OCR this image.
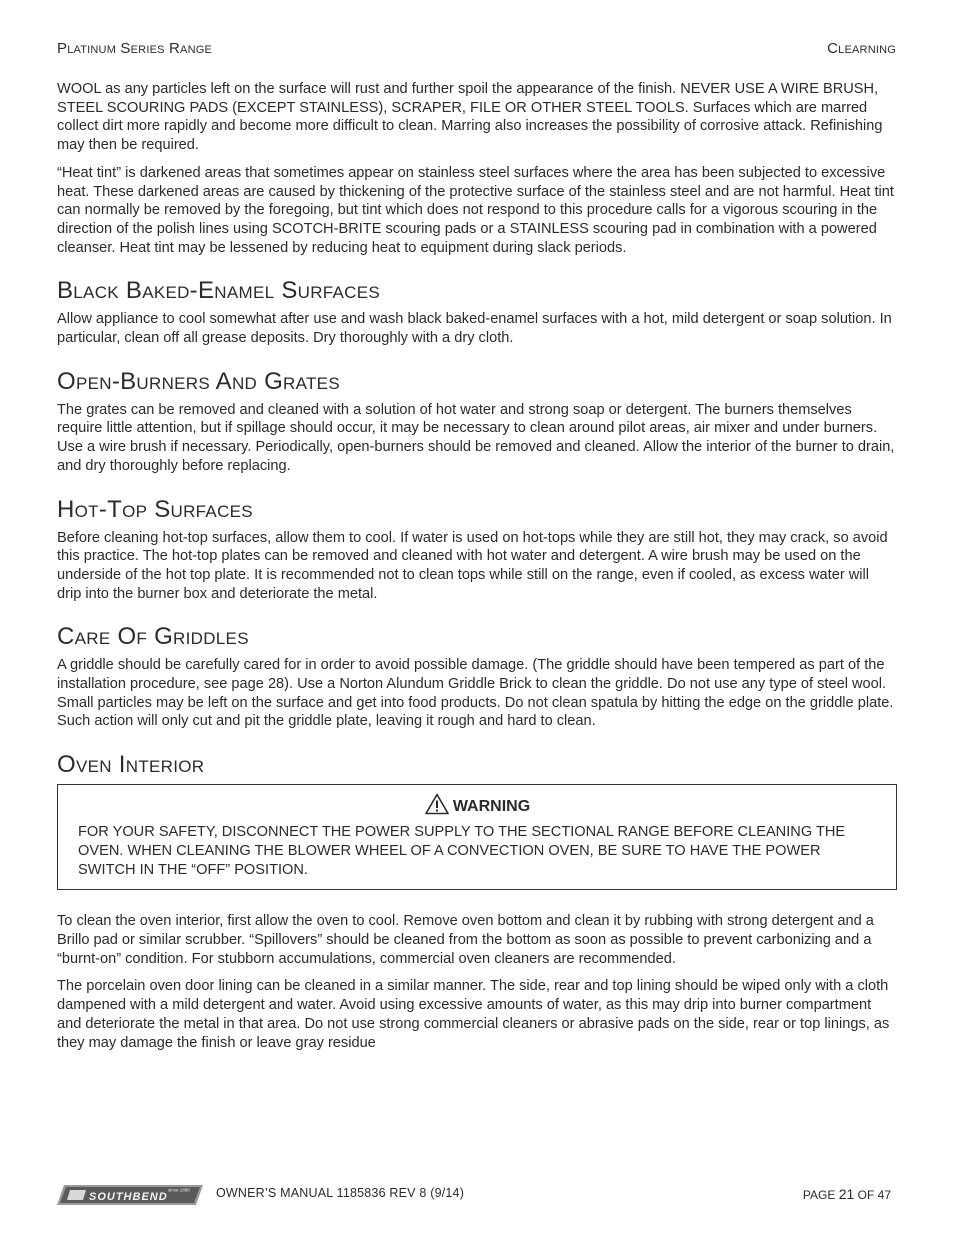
Platinum Series Range	Clearning

WOOL as any particles left on the surface will rust and further spoil the appearance of the finish. NEVER USE A WIRE BRUSH, STEEL SCOURING PADS (EXCEPT STAINLESS), SCRAPER, FILE OR OTHER STEEL TOOLS. Surfaces which are marred collect dirt more rapidly and become more difficult to clean. Marring also increases the possibility of corrosive attack. Refinishing may then be required.

“Heat tint” is darkened areas that sometimes appear on stainless steel surfaces where the area has been subjected to excessive heat. These darkened areas are caused by thickening of the protective surface of the stainless steel and are not harmful. Heat tint can normally be removed by the foregoing, but tint which does not respond to this procedure calls for a vigorous scouring in the direction of the polish lines using SCOTCH-BRITE scouring pads or a STAINLESS scouring pad in combination with a powered cleanser. Heat tint may be lessened by reducing heat to equipment during slack periods.

Black Baked-Enamel Surfaces

Allow appliance to cool somewhat after use and wash black baked-enamel surfaces with a hot, mild detergent or soap solution. In particular, clean off all grease deposits. Dry thoroughly with a dry cloth.

Open-Burners And Grates

The grates can be removed and cleaned with a solution of hot water and strong soap or detergent. The burners themselves require little attention, but if spillage should occur, it may be necessary to clean around pilot areas, air mixer and under burners. Use a wire brush if necessary. Periodically, open-burners should be removed and cleaned. Allow the interior of the burner to drain, and dry thoroughly before replacing.

Hot-Top Surfaces

Before cleaning hot-top surfaces, allow them to cool. If water is used on hot-tops while they are still hot, they may crack, so avoid this practice. The hot-top plates can be removed and cleaned with hot water and detergent. A wire brush may be used on the underside of the hot top plate. It is recommended not to clean tops while still on the range, even if cooled, as excess water will drip into the burner box and deteriorate the metal.

Care Of Griddles

A griddle should be carefully cared for in order to avoid possible damage. (The griddle should have been tempered as part of the installation procedure, see page 28). Use a Norton Alundum Griddle Brick to clean the griddle. Do not use any type of steel wool. Small particles may be left on the surface and get into food products. Do not clean spatula by hitting the edge on the griddle plate. Such action will only cut and pit the griddle plate, leaving it rough and hard to clean.

Oven Interior
WARNING

FOR YOUR SAFETY, DISCONNECT THE POWER SUPPLY TO THE SECTIONAL RANGE BEFORE CLEANING THE OVEN. WHEN CLEANING THE BLOWER WHEEL OF A CONVECTION OVEN, BE SURE TO HAVE THE POWER SWITCH IN THE “OFF” POSITION.

To clean the oven interior, first allow the oven to cool. Remove oven bottom and clean it by rubbing with strong detergent and a Brillo pad or similar scrubber. “Spillovers” should be cleaned from the bottom as soon as possible to prevent carbonizing and a “burnt-on” condition. For stubborn accumulations, commercial oven cleaners are recommended.

The porcelain oven door lining can be cleaned in a similar manner. The side, rear and top lining should be wiped only with a cloth dampened with a mild detergent and water. Avoid using excessive amounts of water, as this may drip into burner compartment and deteriorate the metal in that area. Do not use strong commercial cleaners or abrasive pads on the side, rear or top linings, as they may damage the finish or leave gray residue

SOUTHBEND
since 1898 OWNER’S MANUAL 1185836 REV 8 (9/14)	PAGE 21 OF 47
